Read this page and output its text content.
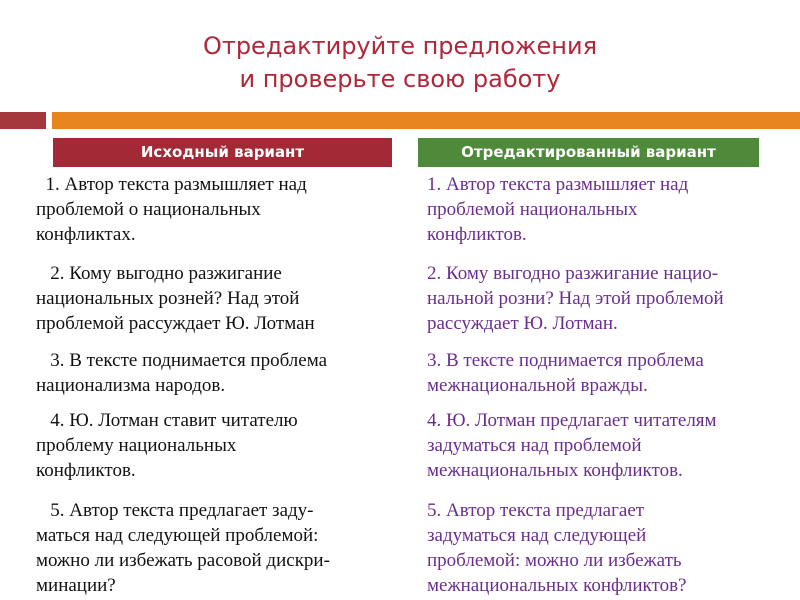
Отредактируйте предложения
и проверьте свою работу
Исходный вариант	Отредактированный вариант
1. Автор текста размышляет над
проблемой о национальных
конфликтах.
2. Кому выгодно разжигание
национальных розней? Над этой
проблемой рассуждает Ю. Лотман
3. В тексте поднимается проблема
национализма народов.
4. Ю. Лотман ставит читателю
проблему национальных
конфликтов.
5. Автор текста предлагает заду-
маться над следующей проблемой:
можно ли избежать расовой дискри-
минации?
1. Автор текста размышляет над
проблемой национальных
конфликтов.
2. Кому выгодно разжигание нацио-
нальной розни? Над этой проблемой
рассуждает Ю. Лотман.
3. В тексте поднимается проблема
межнациональной вражды.
4. Ю. Лотман предлагает читателям
задуматься над проблемой
межнациональных конфликтов.
5. Автор текста предлагает
задуматься над следующей
проблемой: можно ли избежать
межнациональных конфликтов?
